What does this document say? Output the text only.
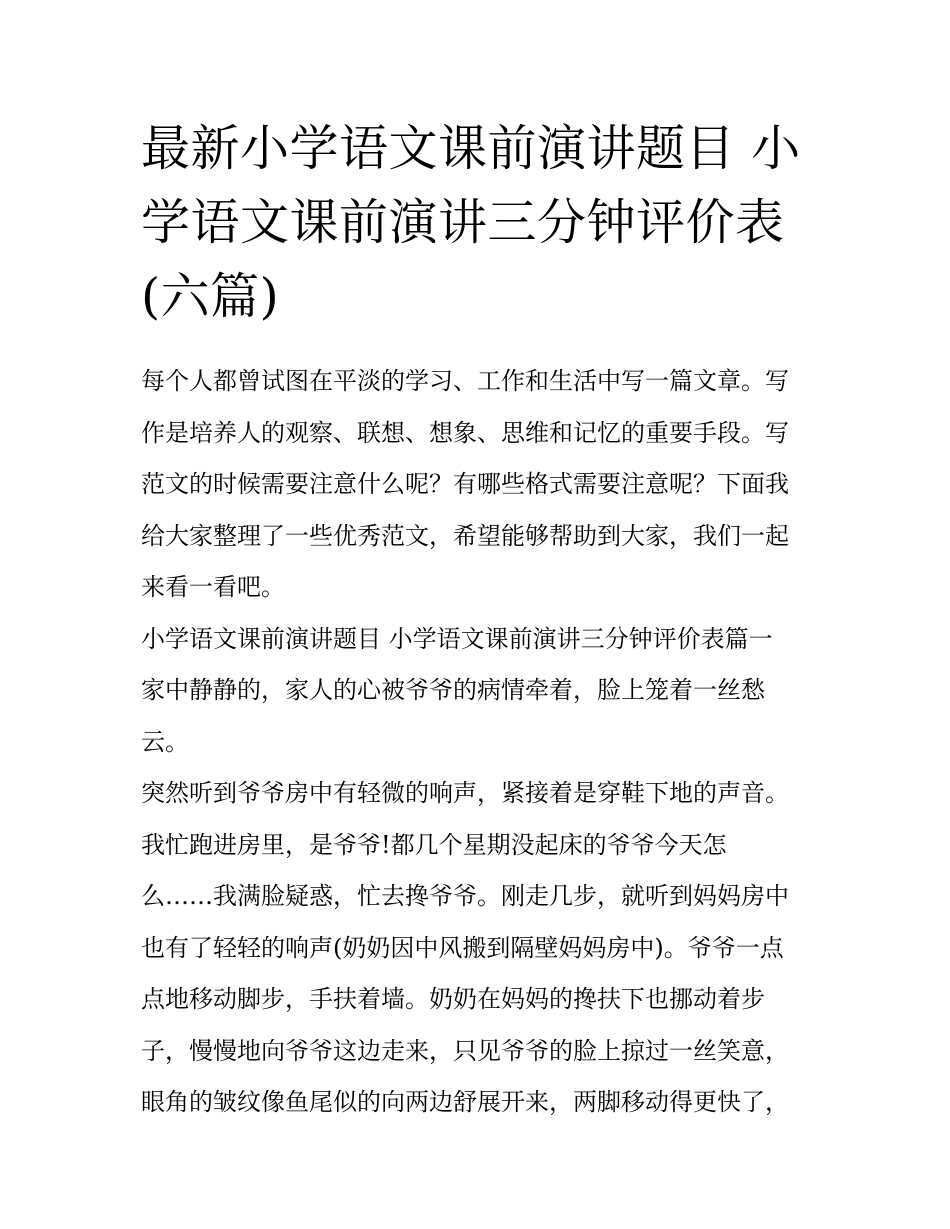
最新小学语文课前演讲题目 小
学语文课前演讲三分钟评价表
(六篇)
每个人都曾试图在平淡的学习、工作和生活中写一篇文章。写
作是培养人的观察、联想、想象、思维和记忆的重要手段。写
范文的时候需要注意什么呢？有哪些格式需要注意呢？下面我
给大家整理了一些优秀范文，希望能够帮助到大家，我们一起
来看一看吧。
小学语文课前演讲题目 小学语文课前演讲三分钟评价表篇一
家中静静的，家人的心被爷爷的病情牵着，脸上笼着一丝愁
云。
突然听到爷爷房中有轻微的响声，紧接着是穿鞋下地的声音。
我忙跑进房里，是爷爷!都几个星期没起床的爷爷今天怎
么……我满脸疑惑，忙去搀爷爷。刚走几步，就听到妈妈房中
也有了轻轻的响声(奶奶因中风搬到隔壁妈妈房中)。爷爷一点
点地移动脚步，手扶着墙。奶奶在妈妈的搀扶下也挪动着步
子，慢慢地向爷爷这边走来，只见爷爷的脸上掠过一丝笑意，
眼角的皱纹像鱼尾似的向两边舒展开来，两脚移动得更快了，
